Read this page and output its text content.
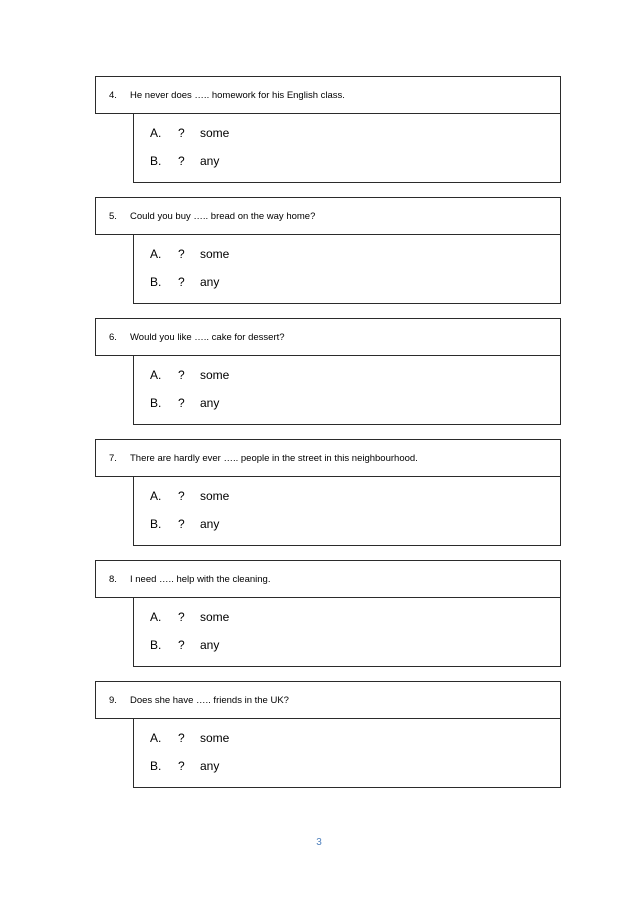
4. He never does ….. homework for his English class.
A.	?	some
B.	?	any
5. Could you buy ….. bread on the way home?
A.	?	some
B.	?	any
6. Would you like ….. cake for dessert?
A.	?	some
B.	?	any
7. There are hardly ever ….. people in the street in this neighbourhood.
A.	?	some
B.	?	any
8. I need ….. help with the cleaning.
A.	?	some
B.	?	any
9. Does she have ….. friends in the UK?
A.	?	some
B.	?	any
3
